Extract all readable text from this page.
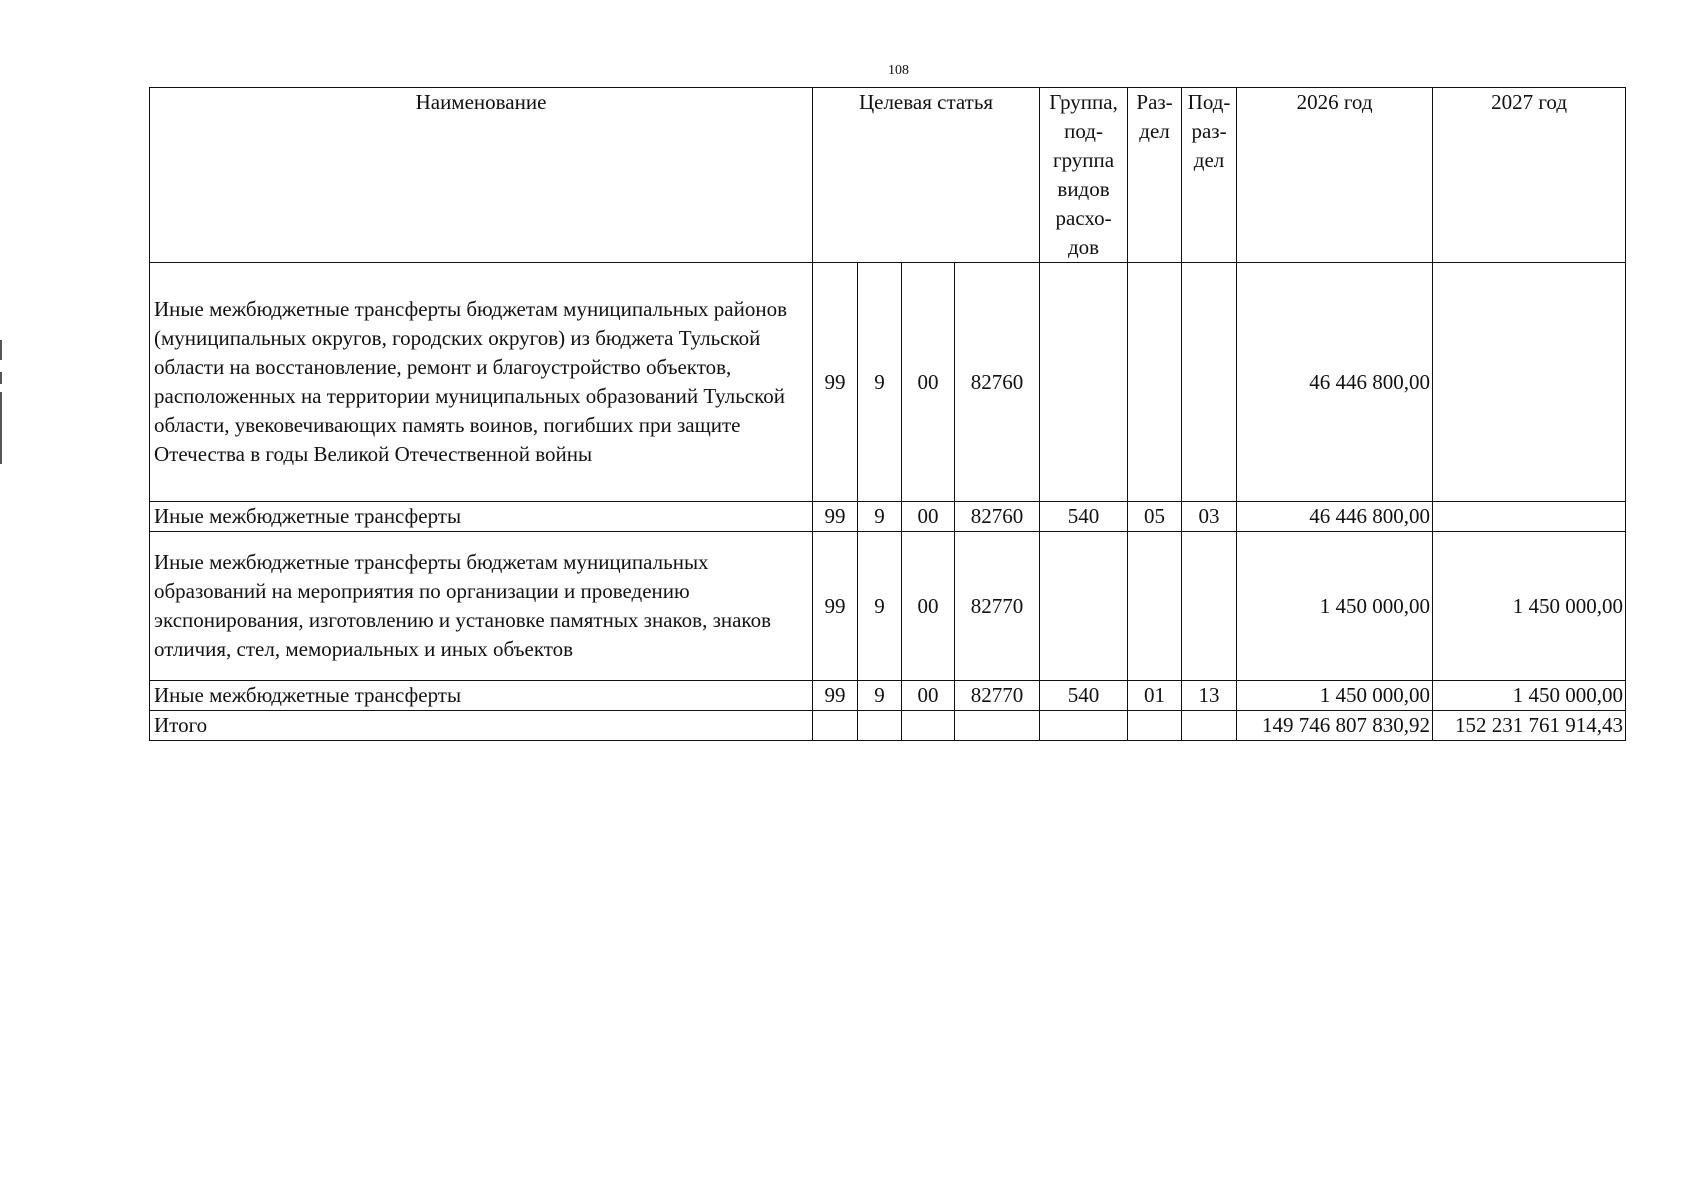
108
Наименование	Целевая статья				Группа, под- группа видов расхо- дов	Раз- дел	Под- раз- дел	2026 год	2027 год
Иные межбюджетные трансферты бюджетам муниципальных районов (муниципальных округов, городских округов) из бюджета Тульской области на восстановление, ремонт и благоустройство объектов, расположенных на территории муниципальных образований Тульской области, увековечивающих память воинов, погибших при защите Отечества в годы Великой Отечественной войны	99	9	00	82760				46 446 800,00	
Иные межбюджетные трансферты	99	9	00	82760	540	05	03	46 446 800,00	
Иные межбюджетные трансферты бюджетам муниципальных образований на мероприятия по организации и проведению экспонирования, изготовлению и установке памятных знаков, знаков отличия, стел, мемориальных и иных объектов	99	9	00	82770				1 450 000,00	1 450 000,00
Иные межбюджетные трансферты	99	9	00	82770	540	01	13	1 450 000,00	1 450 000,00
Итого								149 746 807 830,92	152 231 761 914,43
